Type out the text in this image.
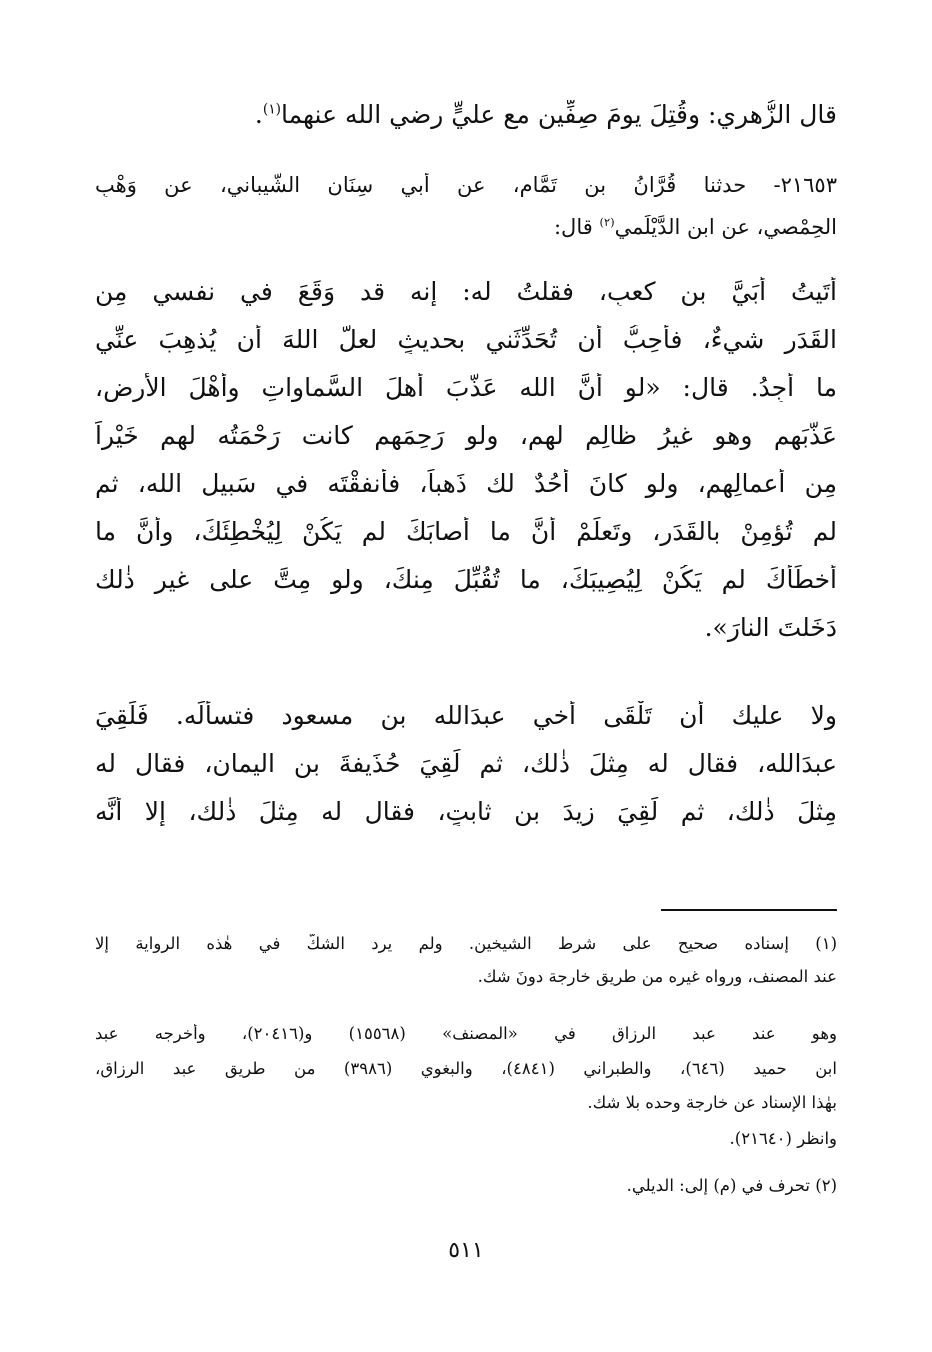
قال الزُّهري: وقُتِلَ يومَ صِفِّين مع عليٍّ رضي الله عنهما$^{(١)}$.
٢١٦٥٣- حدثنا قُرَّانُ بن تَمَّام، عن أبي سِنَان الشَّيباني، عن وَهْبٍ
الحِمْصي، عن ابن الدَّيْلَمي$^{(٢)}$ قال:
أَتَيتُ أُبَيَّ بن كعبٍ، فقلتُ له: إنه قد وَقَعَ في نفسي مِن
القَدَرِ شيءٌ، فأُحِبُّ أن تُحَدِّثَني بحديثٍ لعلَّ اللهَ أن يُذهِبَ عنِّي
ما أَجِدُ. قال: «لو أَنَّ الله عَذَّبَ أَهلَ السَّماواتِ وأَهْلَ الأرضِ،
عَذَّبَهم وهو غيرُ ظالِمٍ لهم، ولو رَحِمَهم كانت رَحْمَتُه لهم خَيْراً
مِن أَعمالِهم، ولو كانَ أُحُدٌ لك ذَهباً، فأنفقْتَه في سَبيلِ الله، ثم
لم تُؤمِنْ بالقَدَرِ، وتَعلَمْ أَنَّ ما أَصابَكَ لم يَكُنْ لِيُخْطِئَكَ، وأَنَّ ما
أَخطَأَكَ لم يَكُنْ لِيُصِيبَكَ، ما تُقُبِّلَ مِنكَ، ولو مِتَّ على غيرِ ذٰلك
دَخَلتَ النارَ».
ولا عليك أن تَلْقَى أَخي عبدَالله بن مسعود فتسأَلَه. فَلَقِيَ
عبدَالله، فقال له مِثلَ ذٰلك، ثم لَقِيَ حُذَيفةَ بن اليمان، فقال له
مِثلَ ذٰلك، ثم لَقِيَ زيدَ بن ثابتٍ، فقال له مِثلَ ذٰلك، إلا أَنَّه
(١) إسناده صحيح على شرط الشيخين. ولم يرد الشكُّ في هٰذه الرواية إلا
عند المصنف، ورواه غيره من طريق خارجة دونَ شك.
وهو عند عبد الرزاق في «المصنف» (١٥٥٦٨) و(٢٠٤١٦)، وأخرجه عبد
ابن حميد (٦٤٦)، والطبراني (٤٨٤١)، والبغوي (٣٩٨٦) من طريق عبد الرزاق،
بهٰذا الإسناد عن خارجة وحده بلا شك.
وانظر (٢١٦٤٠).
(٢) تحرف في (م) إلى: الديلي.
٥١١
